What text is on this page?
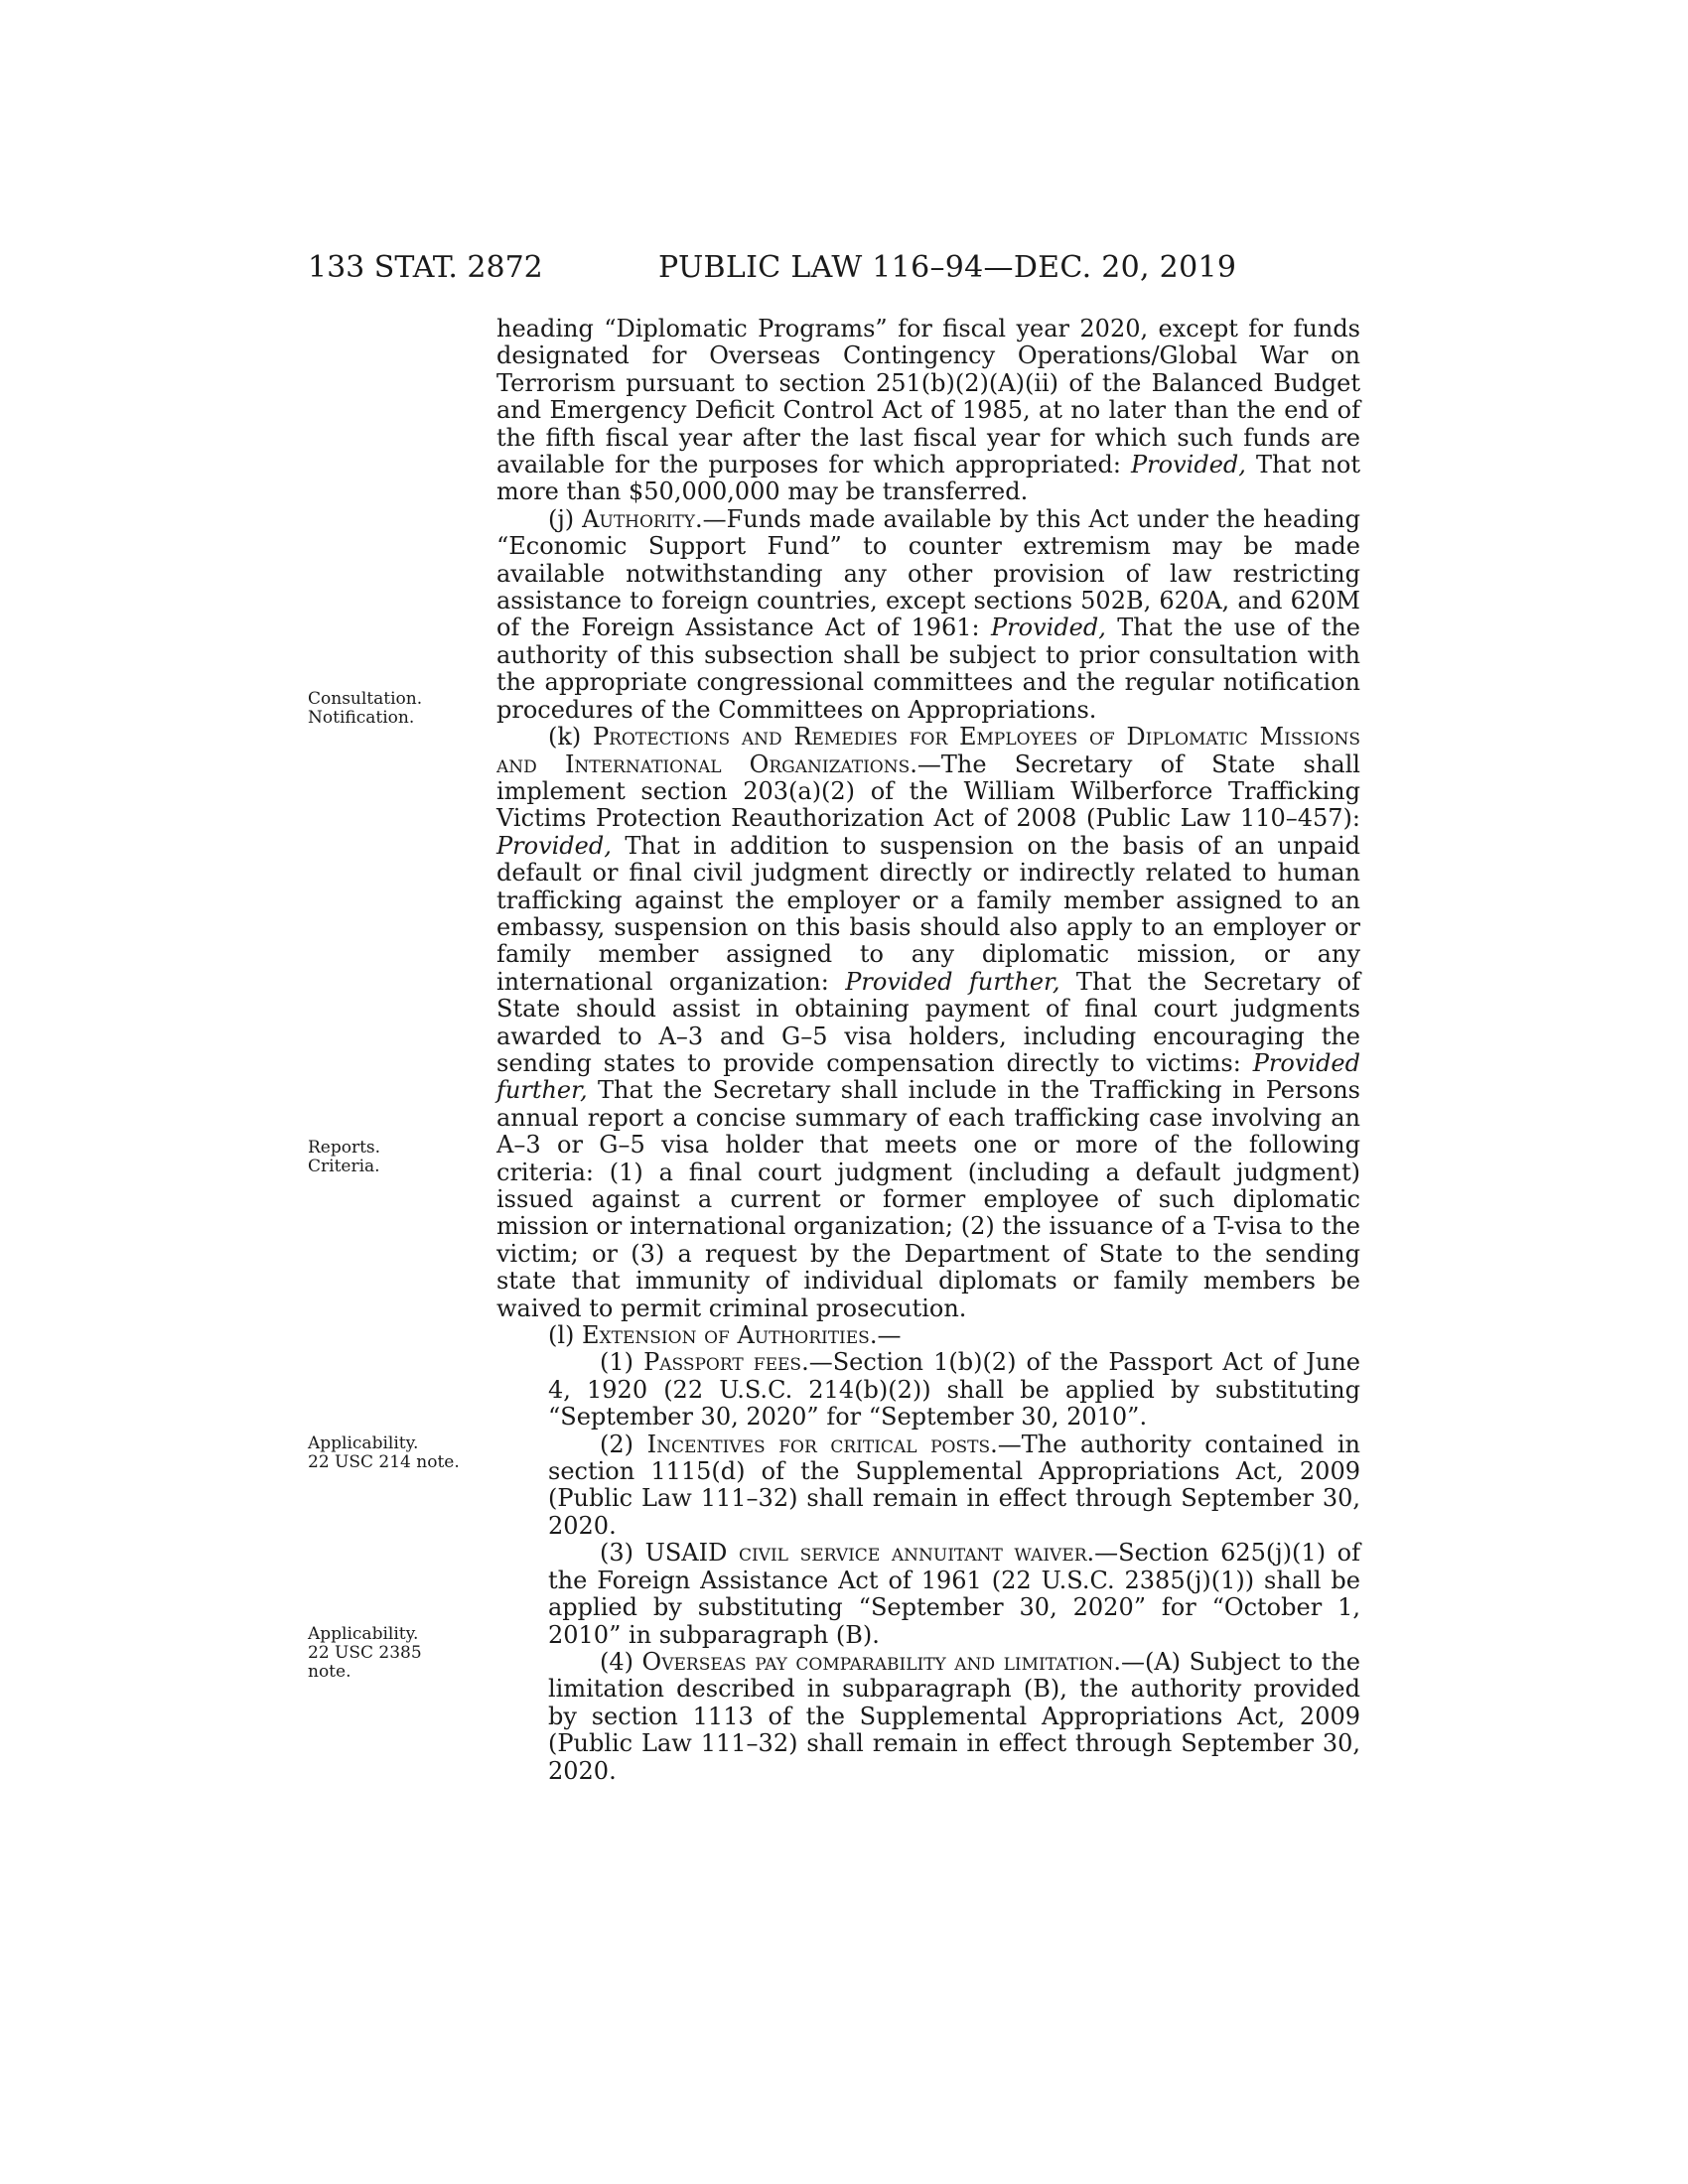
133 STAT. 2872	PUBLIC LAW 116–94—DEC. 20, 2019
Consultation.
Notification.
Reports.
Criteria.
Applicability.
22 USC 214 note.
Applicability.
22 USC 2385
note.

heading “Diplomatic Programs” for fiscal year 2020, except for funds designated for Overseas Contingency Operations/Global War on Terrorism pursuant to section 251(b)(2)(A)(ii) of the Balanced Budget and Emergency Deficit Control Act of 1985, at no later than the end of the fifth fiscal year after the last fiscal year for which such funds are available for the purposes for which appropriated: Provided, That not more than $50,000,000 may be transferred.

(j) Authority.—Funds made available by this Act under the heading “Economic Support Fund” to counter extremism may be made available notwithstanding any other provision of law restricting assistance to foreign countries, except sections 502B, 620A, and 620M of the Foreign Assistance Act of 1961: Provided, That the use of the authority of this subsection shall be subject to prior consultation with the appropriate congressional committees and the regular notification procedures of the Committees on Appropriations.

(k) Protections and Remedies for Employees of Diplomatic Missions and International Organizations.—The Secretary of State shall implement section 203(a)(2) of the William Wilberforce Trafficking Victims Protection Reauthorization Act of 2008 (Public Law 110–457): Provided, That in addition to suspension on the basis of an unpaid default or final civil judgment directly or indirectly related to human trafficking against the employer or a family member assigned to an embassy, suspension on this basis should also apply to an employer or family member assigned to any diplomatic mission, or any international organization: Provided further, That the Secretary of State should assist in obtaining payment of final court judgments awarded to A–3 and G–5 visa holders, including encouraging the sending states to provide compensation directly to victims: Provided further, That the Secretary shall include in the Trafficking in Persons annual report a concise summary of each trafficking case involving an A–3 or G–5 visa holder that meets one or more of the following criteria: (1) a final court judgment (including a default judgment) issued against a current or former employee of such diplomatic mission or international organization; (2) the issuance of a T-visa to the victim; or (3) a request by the Department of State to the sending state that immunity of individual diplomats or family members be waived to permit criminal prosecution.

(l) Extension of Authorities.—

(1) Passport fees.—Section 1(b)(2) of the Passport Act of June 4, 1920 (22 U.S.C. 214(b)(2)) shall be applied by substituting “September 30, 2020” for “September 30, 2010”.

(2) Incentives for critical posts.—The authority contained in section 1115(d) of the Supplemental Appropriations Act, 2009 (Public Law 111–32) shall remain in effect through September 30, 2020.

(3) USAID civil service annuitant waiver.—Section 625(j)(1) of the Foreign Assistance Act of 1961 (22 U.S.C. 2385(j)(1)) shall be applied by substituting “September 30, 2020” for “October 1, 2010” in subparagraph (B).

(4) Overseas pay comparability and limitation.—(A) Subject to the limitation described in subparagraph (B), the authority provided by section 1113 of the Supplemental Appropriations Act, 2009 (Public Law 111–32) shall remain in effect through September 30, 2020.
